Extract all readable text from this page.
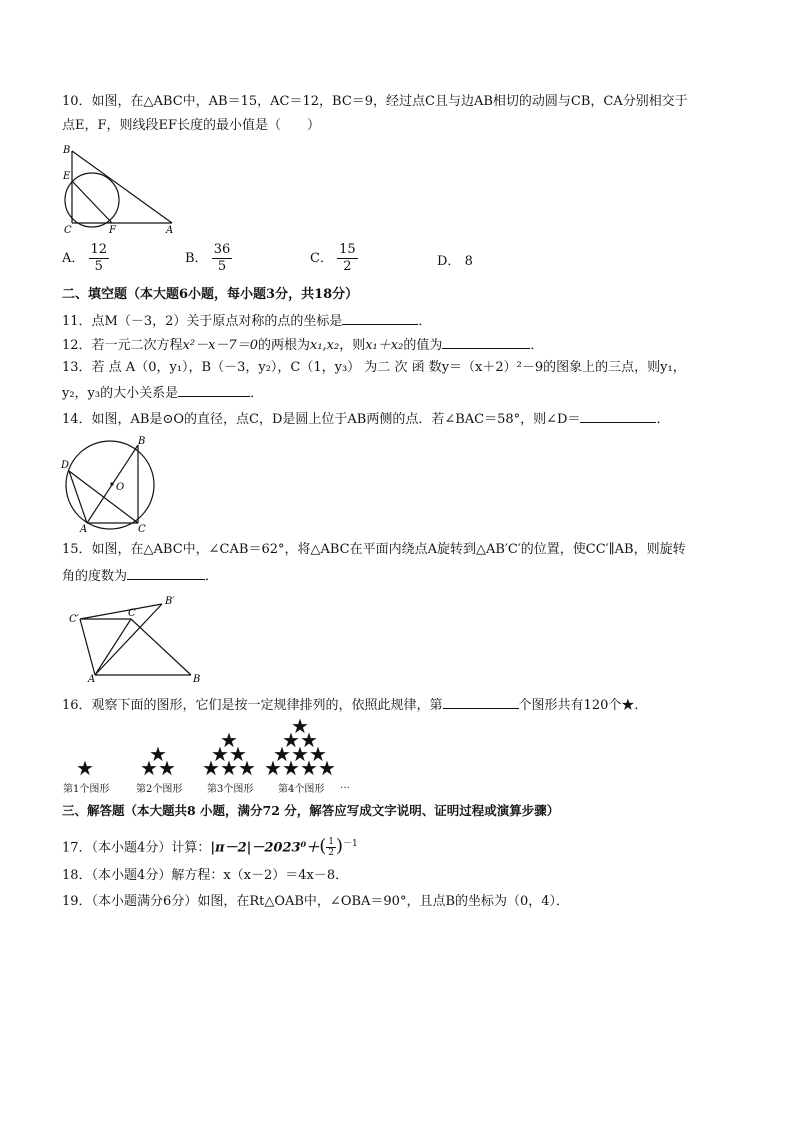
10．如图，在△ABC中，AB＝15，AC＝12，BC＝9，经过点C且与边AB相切的动圆与CB，CA分别相交于
点E，F，则线段EF长度的最小值是（　　）
B
E
C	F	A
A． $\frac{12}{5}$	B． $\frac{36}{5}$	C． $\frac{15}{2}$	D． 8
二、填空题（本大题6小题，每小题3分，共18分）
11．点M（－3，2）关于原点对称的点的坐标是	．
12．若一元二次方程x²－x－7＝0的两根为x₁,x₂，则x₁＋x₂的值为	．
13．若 点 A（0，y₁），B（－3，y₂），C（1，y₃） 为二 次 函 数y＝（x＋2）²－9的图象上的三点，则y₁，
y₂，y₃的大小关系是	．
14．如图，AB是⊙O的直径，点C，D是圆上位于AB两侧的点．若∠BAC＝58°，则∠D＝	．
B
D
O
A	C
15．如图，在△ABC中，∠CAB＝62°，将△ABC在平面内绕点A旋转到△AB′C′的位置，使CC′∥AB，则旋转
角的度数为	．
C′
B′
C
A	B
16．观察下面的图形，它们是按一定规律排列的，依照此规律，第	个图形共有120个★．
★
★
★ ★
★
★ ★
★ ★ ★
★
★ ★
★ ★ ★
★ ★ ★ ★
第1个图形	第2个图形 第3个图形 第4个图形 …
三、解答题（本大题共8 小题，满分72 分，解答应写成文字说明、证明过程或演算步骤）
17．（本小题4分）计算：$|\pi-2|-2023^0+( \frac{1}{2} )^{-1}$
18．（本小题4分）解方程：x（x－2）＝4x－8．
19．（本小题满分6分）如图，在Rt△OAB中，∠OBA＝90°，且点B的坐标为（0，4）．
